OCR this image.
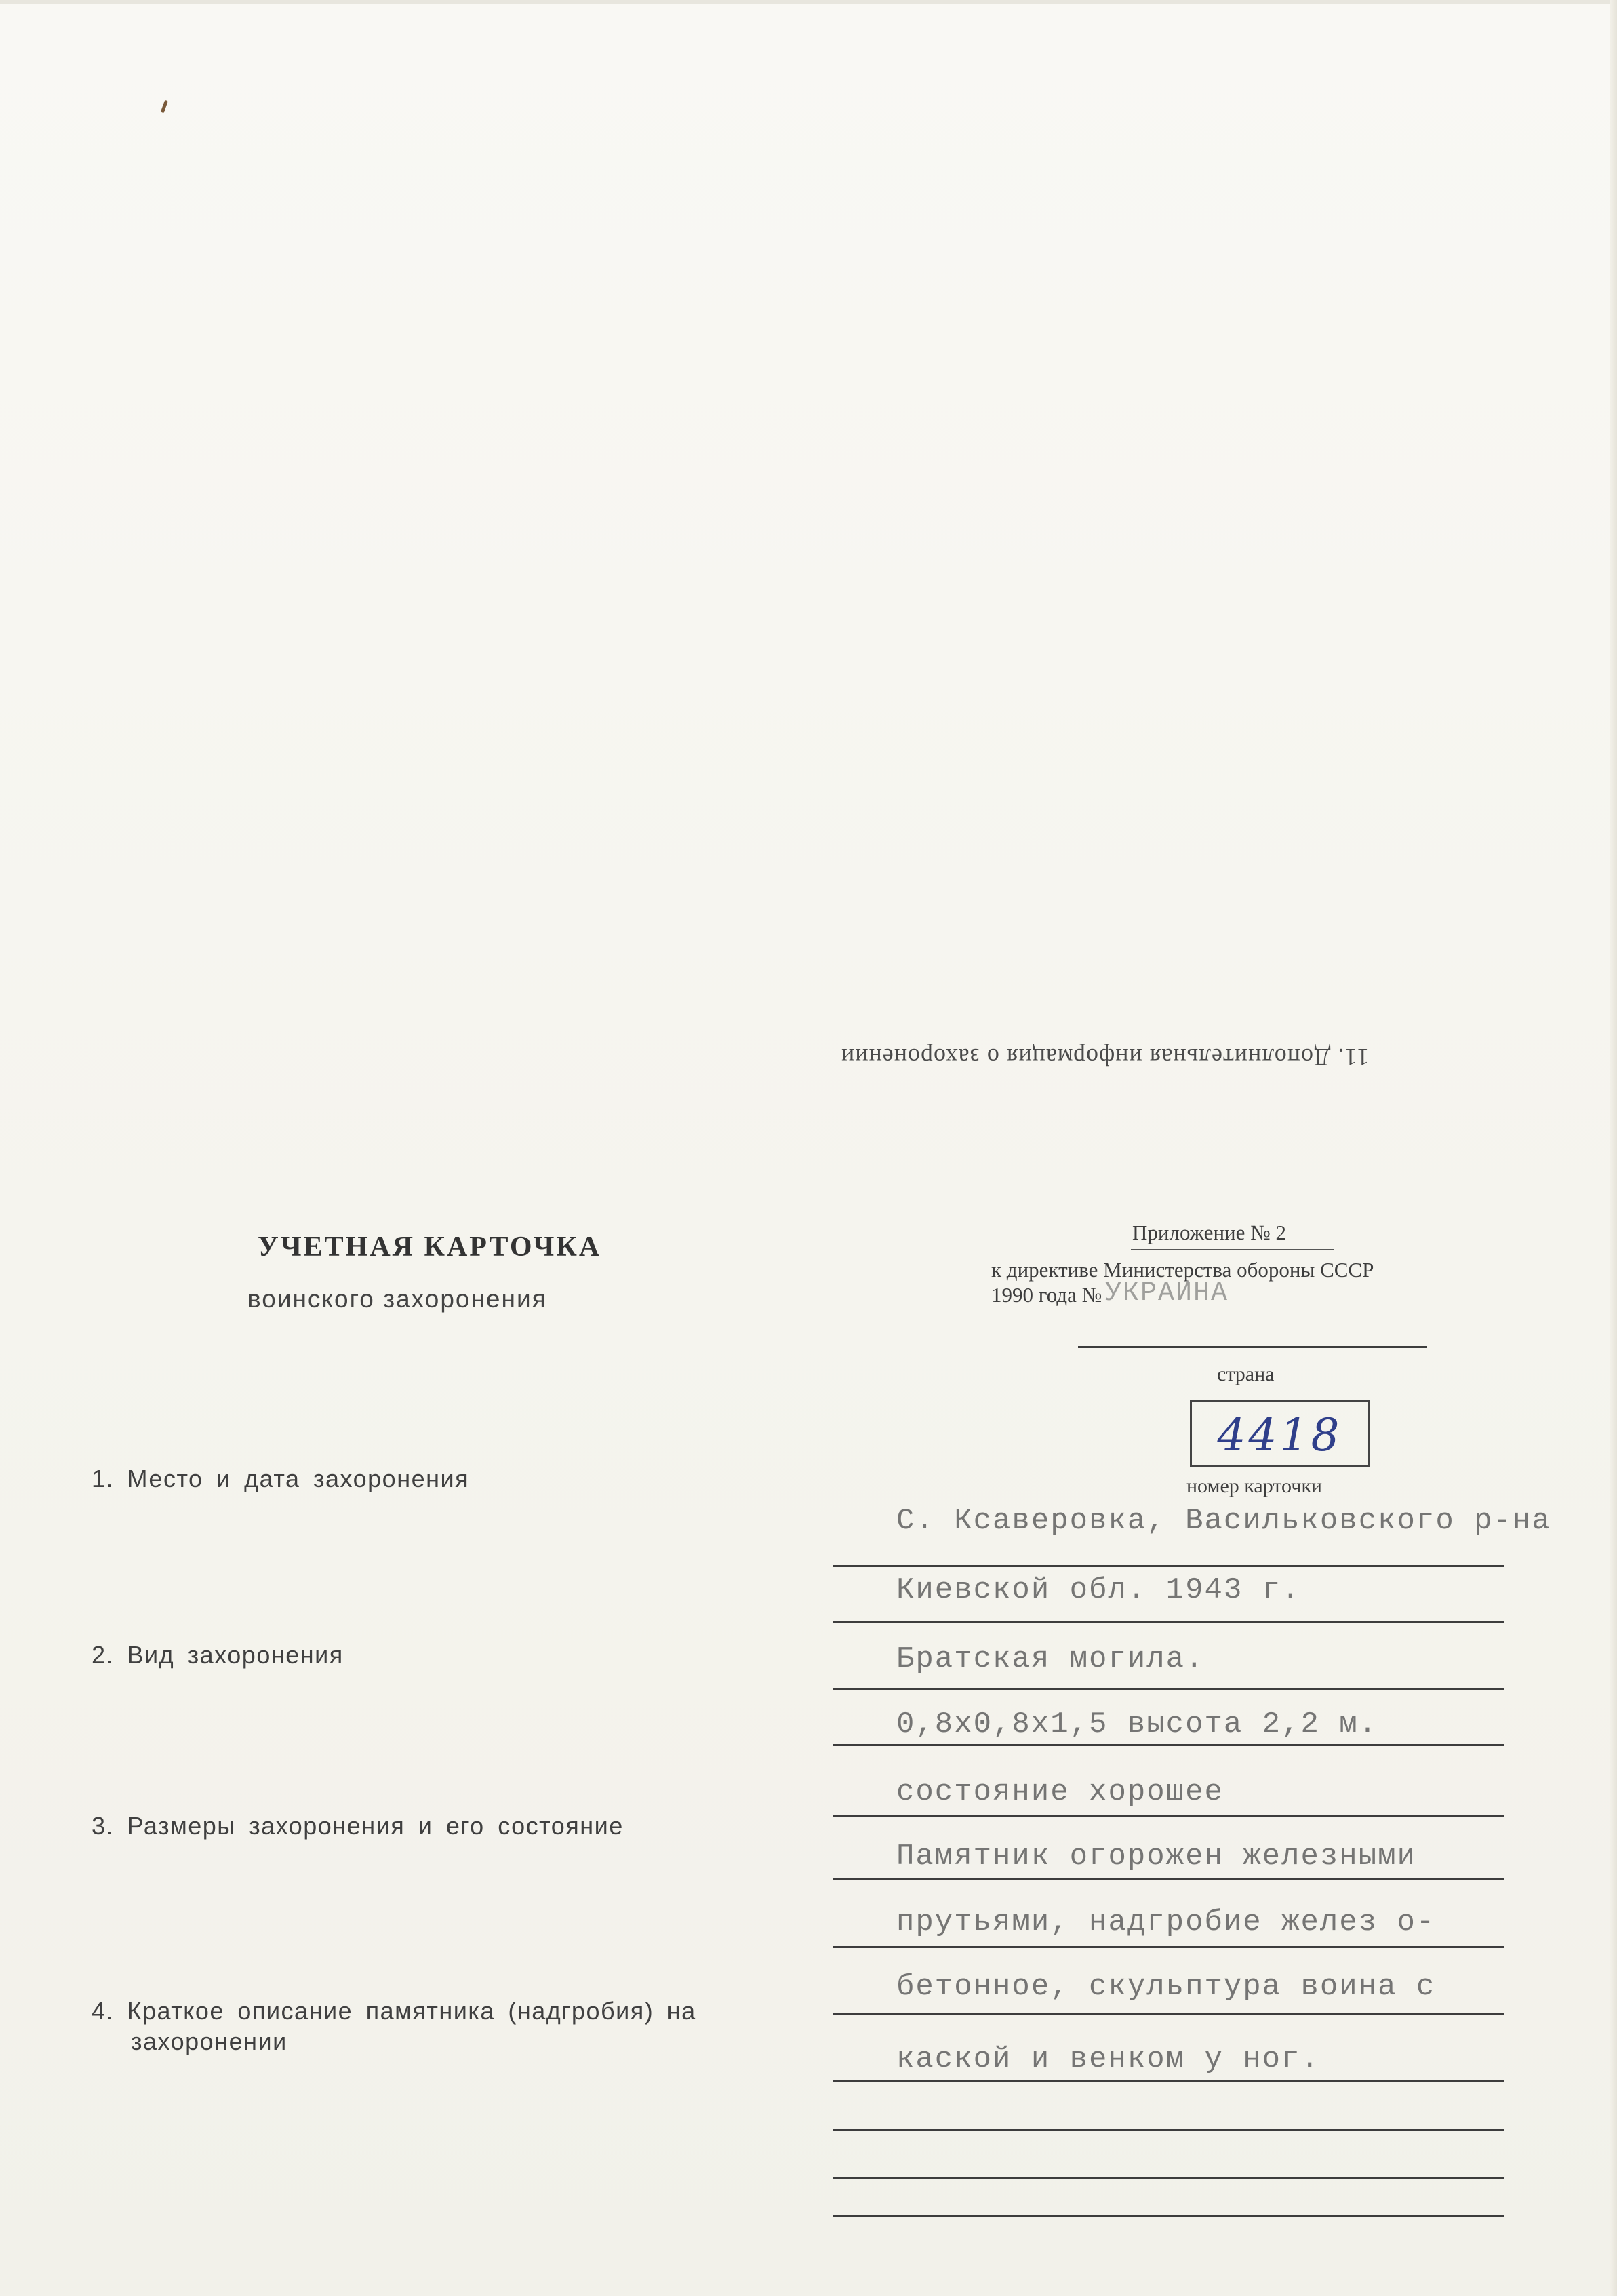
11. Дополнительная информация о захоронении
УЧЕТНАЯ КАРТОЧКА
воинского захоронения
Приложение № 2
к директиве Министерства обороны СССР
1990 года № УКРАИНА
страна
4418
номер карточки
1. Место и дата захоронения
2. Вид захоронения
3. Размеры захоронения и его состояние
4. Краткое описание памятника (надгробия) на
захоронении
С. Ксаверовка, Васильковского р-на
Киевской обл. 1943 г.
Братская могила.
0,8х0,8х1,5 высота 2,2 м.
состояние хорошее
Памятник огорожен железными
прутьями, надгробие желез о-
бетонное, скульптура воина с
каской и венком у ног.
